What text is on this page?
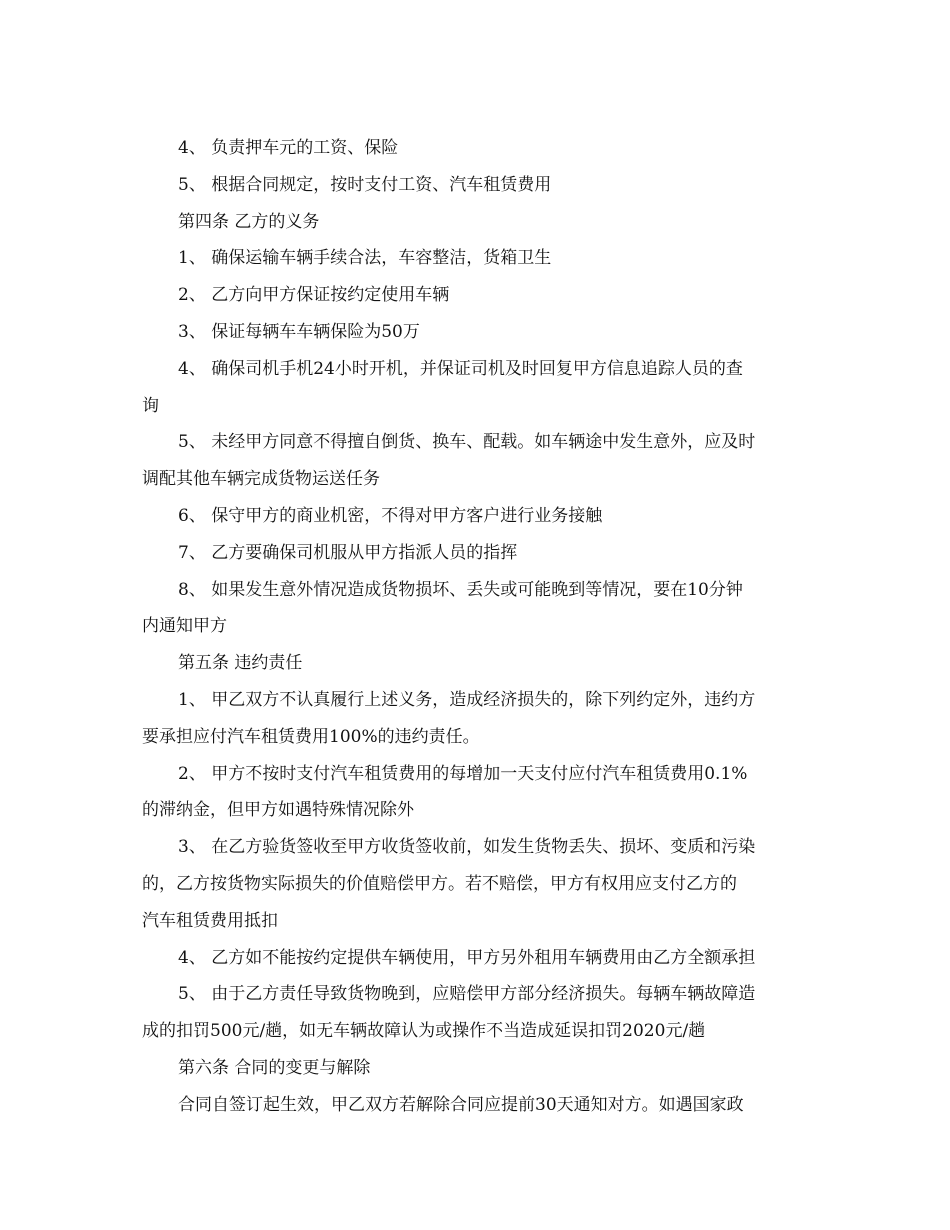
4、 负责押车元的工资、保险
5、 根据合同规定，按时支付工资、汽车租赁费用
第四条 乙方的义务
1、 确保运输车辆手续合法，车容整洁，货箱卫生
2、 乙方向甲方保证按约定使用车辆
3、 保证每辆车车辆保险为50万
4、 确保司机手机24小时开机，并保证司机及时回复甲方信息追踪人员的查
询
5、 未经甲方同意不得擅自倒货、换车、配载。如车辆途中发生意外，应及时
调配其他车辆完成货物运送任务
6、 保守甲方的商业机密，不得对甲方客户进行业务接触
7、 乙方要确保司机服从甲方指派人员的指挥
8、 如果发生意外情况造成货物损坏、丢失或可能晚到等情况，要在10分钟
内通知甲方
第五条 违约责任
1、 甲乙双方不认真履行上述义务，造成经济损失的，除下列约定外，违约方
要承担应付汽车租赁费用100%的违约责任。
2、 甲方不按时支付汽车租赁费用的每增加一天支付应付汽车租赁费用0.1%
的滞纳金，但甲方如遇特殊情况除外
3、 在乙方验货签收至甲方收货签收前，如发生货物丢失、损坏、变质和污染
的，乙方按货物实际损失的价值赔偿甲方。若不赔偿，甲方有权用应支付乙方的
汽车租赁费用抵扣
4、 乙方如不能按约定提供车辆使用，甲方另外租用车辆费用由乙方全额承担
5、 由于乙方责任导致货物晚到，应赔偿甲方部分经济损失。每辆车辆故障造
成的扣罚500元/趟，如无车辆故障认为或操作不当造成延误扣罚2020元/趟
第六条 合同的变更与解除
合同自签订起生效，甲乙双方若解除合同应提前30天通知对方。如遇国家政
